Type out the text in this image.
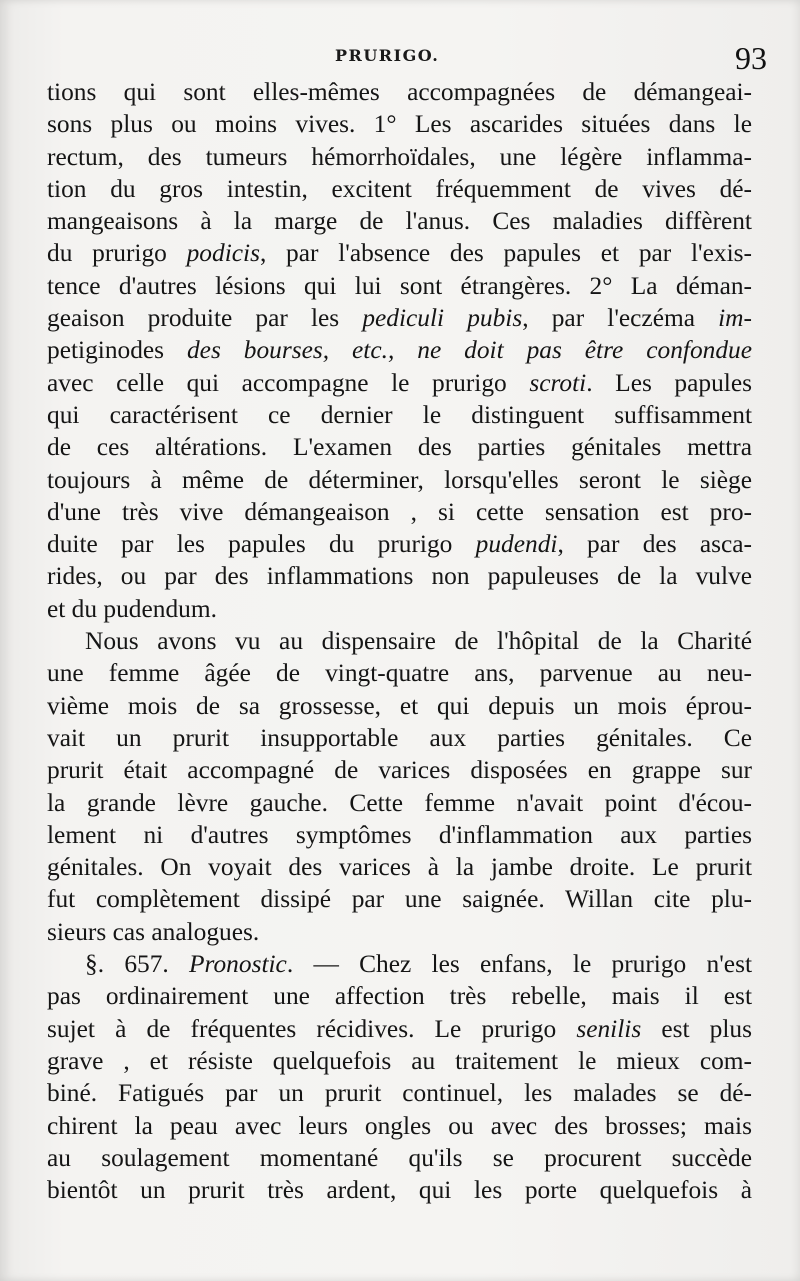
PRURIGO.	93
tions qui sont elles-mêmes accompagnées de démangeai-
sons plus ou moins vives. 1° Les ascarides situées dans le
rectum, des tumeurs hémorrhoïdales, une légère inflamma-
tion du gros intestin, excitent fréquemment de vives dé-
mangeaisons à la marge de l'anus. Ces maladies diffèrent
du prurigo podicis, par l'absence des papules et par l'exis-
tence d'autres lésions qui lui sont étrangères. 2° La déman-
geaison produite par les pediculi pubis, par l'eczéma im-
petiginodes des bourses, etc., ne doit pas être confondue
avec celle qui accompagne le prurigo scroti. Les papules
qui caractérisent ce dernier le distinguent suffisamment
de ces altérations. L'examen des parties génitales mettra
toujours à même de déterminer, lorsqu'elles seront le siège
d'une très vive démangeaison , si cette sensation est pro-
duite par les papules du prurigo pudendi, par des asca-
rides, ou par des inflammations non papuleuses de la vulve
et du pudendum.
Nous avons vu au dispensaire de l'hôpital de la Charité
une femme âgée de vingt-quatre ans, parvenue au neu-
vième mois de sa grossesse, et qui depuis un mois éprou-
vait un prurit insupportable aux parties génitales. Ce
prurit était accompagné de varices disposées en grappe sur
la grande lèvre gauche. Cette femme n'avait point d'écou-
lement ni d'autres symptômes d'inflammation aux parties
génitales. On voyait des varices à la jambe droite. Le prurit
fut complètement dissipé par une saignée. Willan cite plu-
sieurs cas analogues.
§. 657. Pronostic. — Chez les enfans, le prurigo n'est
pas ordinairement une affection très rebelle, mais il est
sujet à de fréquentes récidives. Le prurigo senilis est plus
grave , et résiste quelquefois au traitement le mieux com-
biné. Fatigués par un prurit continuel, les malades se dé-
chirent la peau avec leurs ongles ou avec des brosses; mais
au soulagement momentané qu'ils se procurent succède
bientôt un prurit très ardent, qui les porte quelquefois à
